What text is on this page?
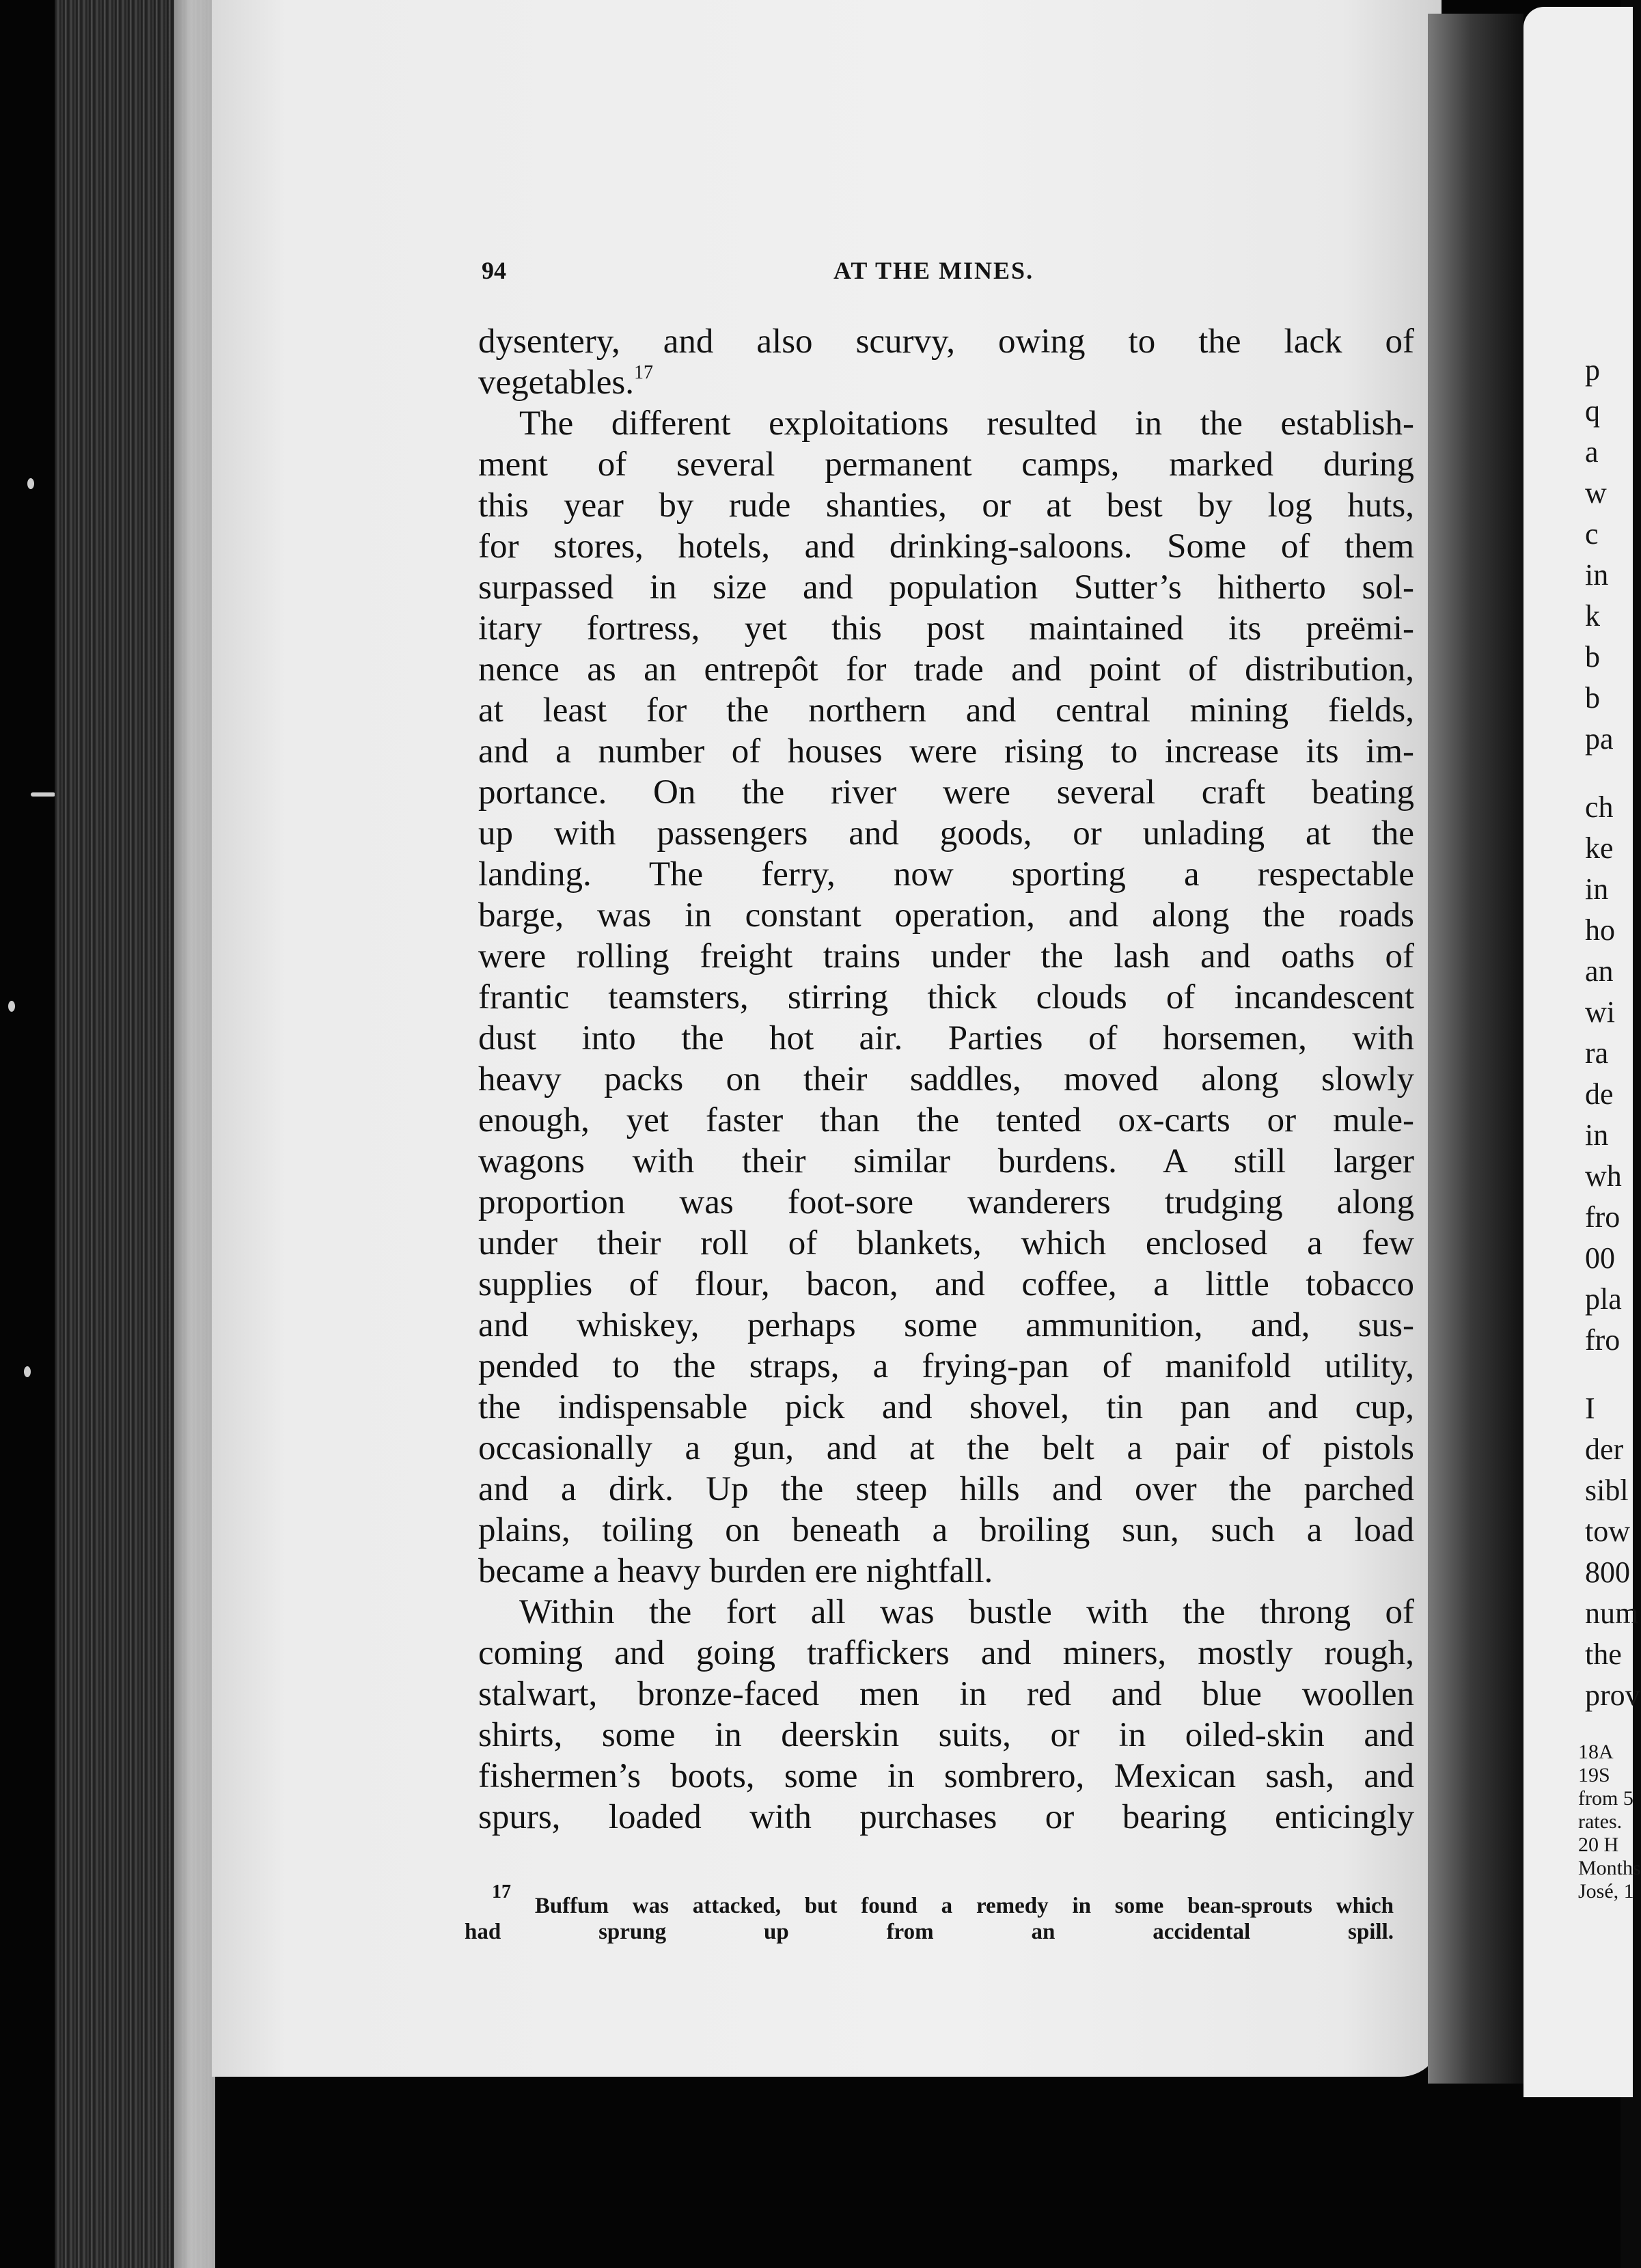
p
q
a
w
c
in
k
b
b
pa
ch
ke
in
ho
an
wi
ra
de
in
wh
fro
00
pla
fro
I
der
sibl
tow
800
num
the
prov
18A
19S
from 5
rates.
20 H
Months
José, 1
94	AT THE MINES.
dysentery, and also scurvy, owing to the lack of
vegetables.$^{17}$
The different exploitations resulted in the establish-
ment of several permanent camps, marked during
this year by rude shanties, or at best by log huts,
for stores, hotels, and drinking-saloons. Some of them
surpassed in size and population Sutter’s hitherto sol-
itary fortress, yet this post maintained its preëmi-
nence as an entrepôt for trade and point of distribution,
at least for the northern and central mining fields,
and a number of houses were rising to increase its im-
portance. On the river were several craft beating
up with passengers and goods, or unlading at the
landing. The ferry, now sporting a respectable
barge, was in constant operation, and along the roads
were rolling freight trains under the lash and oaths of
frantic teamsters, stirring thick clouds of incandescent
dust into the hot air. Parties of horsemen, with
heavy packs on their saddles, moved along slowly
enough, yet faster than the tented ox-carts or mule-
wagons with their similar burdens. A still larger
proportion was foot-sore wanderers trudging along
under their roll of blankets, which enclosed a few
supplies of flour, bacon, and coffee, a little tobacco
and whiskey, perhaps some ammunition, and, sus-
pended to the straps, a frying-pan of manifold utility,
the indispensable pick and shovel, tin pan and cup,
occasionally a gun, and at the belt a pair of pistols
and a dirk. Up the steep hills and over the parched
plains, toiling on beneath a broiling sun, such a load
became a heavy burden ere nightfall.
Within the fort all was bustle with the throng of
coming and going traffickers and miners, mostly rough,
stalwart, bronze-faced men in red and blue woollen
shirts, some in deerskin suits, or in oiled-skin and
fishermen’s boots, some in sombrero, Mexican sash, and
spurs, loaded with purchases or bearing enticingly
$^{17}$ Buffum was attacked, but found a remedy in some bean-sprouts which
had sprung up from an accidental spill.
